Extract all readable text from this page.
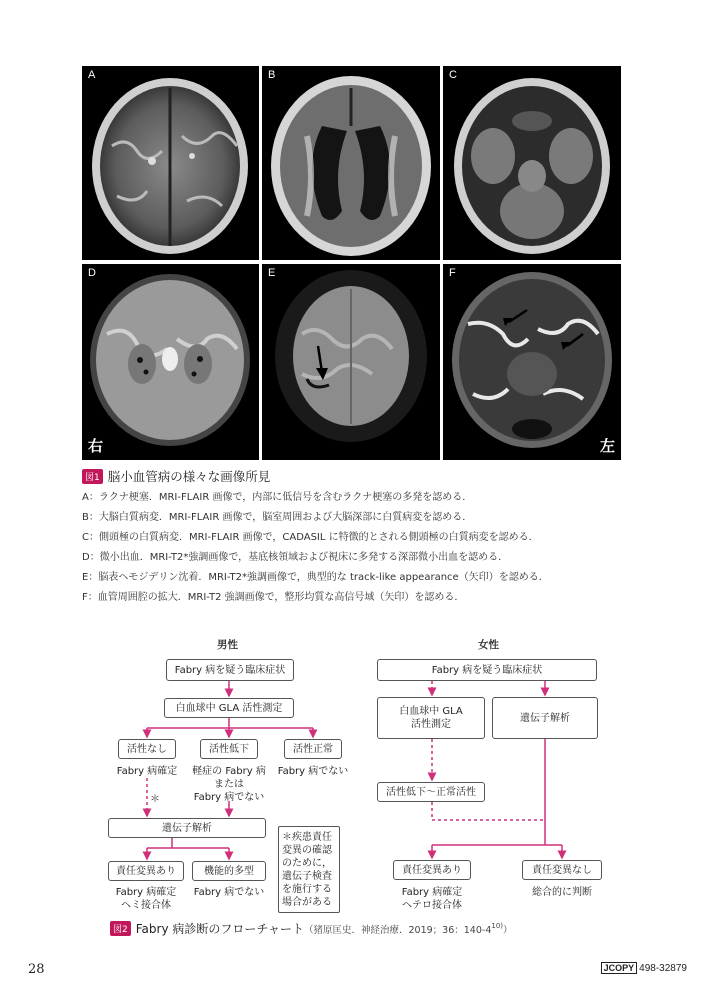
A	B	C
D
右
E	F
左
図1 脳小血管病の様々な画像所見
A：ラクナ梗塞．MRI-FLAIR 画像で，内部に低信号を含むラクナ梗塞の多発を認める．
B：大脳白質病変．MRI-FLAIR 画像で，脳室周囲および大脳深部に白質病変を認める．
C：側頭極の白質病変．MRI-FLAIR 画像で，CADASIL に特徴的とされる側頭極の白質病変を認める．
D：微小出血．MRI-T2*強調画像で，基底核領域および視床に多発する深部微小出血を認める．
E：脳表ヘモジデリン沈着．MRI-T2*強調画像で，典型的な track-like appearance（矢印）を認める．
F：血管周囲腔の拡大．MRI-T2 強調画像で，整形均質な高信号域（矢印）を認める．
男性
Fabry 病を疑う臨床症状
白血球中 GLA 活性測定
活性なし	活性低下	活性正常
Fabry 病確定	軽症の Fabry 病
または
Fabry 病でない
Fabry 病でない
＊
遺伝子解析
責任変異あり	機能的多型
Fabry 病確定
ヘミ接合体
Fabry 病でない
＊疾患責任
変異の確認
のために，
遺伝子検査
を施行する
場合がある
女性
Fabry 病を疑う臨床症状
白血球中 GLA
活性測定
遺伝子解析
活性低下〜正常活性
責任変異あり	責任変異なし
Fabry 病確定
ヘテロ接合体
総合的に判断
図2 Fabry 病診断のフローチャート（猪原匡史．神経治療．2019；36：140-4$^{10)}$）
28	JCOPY 498-32879
